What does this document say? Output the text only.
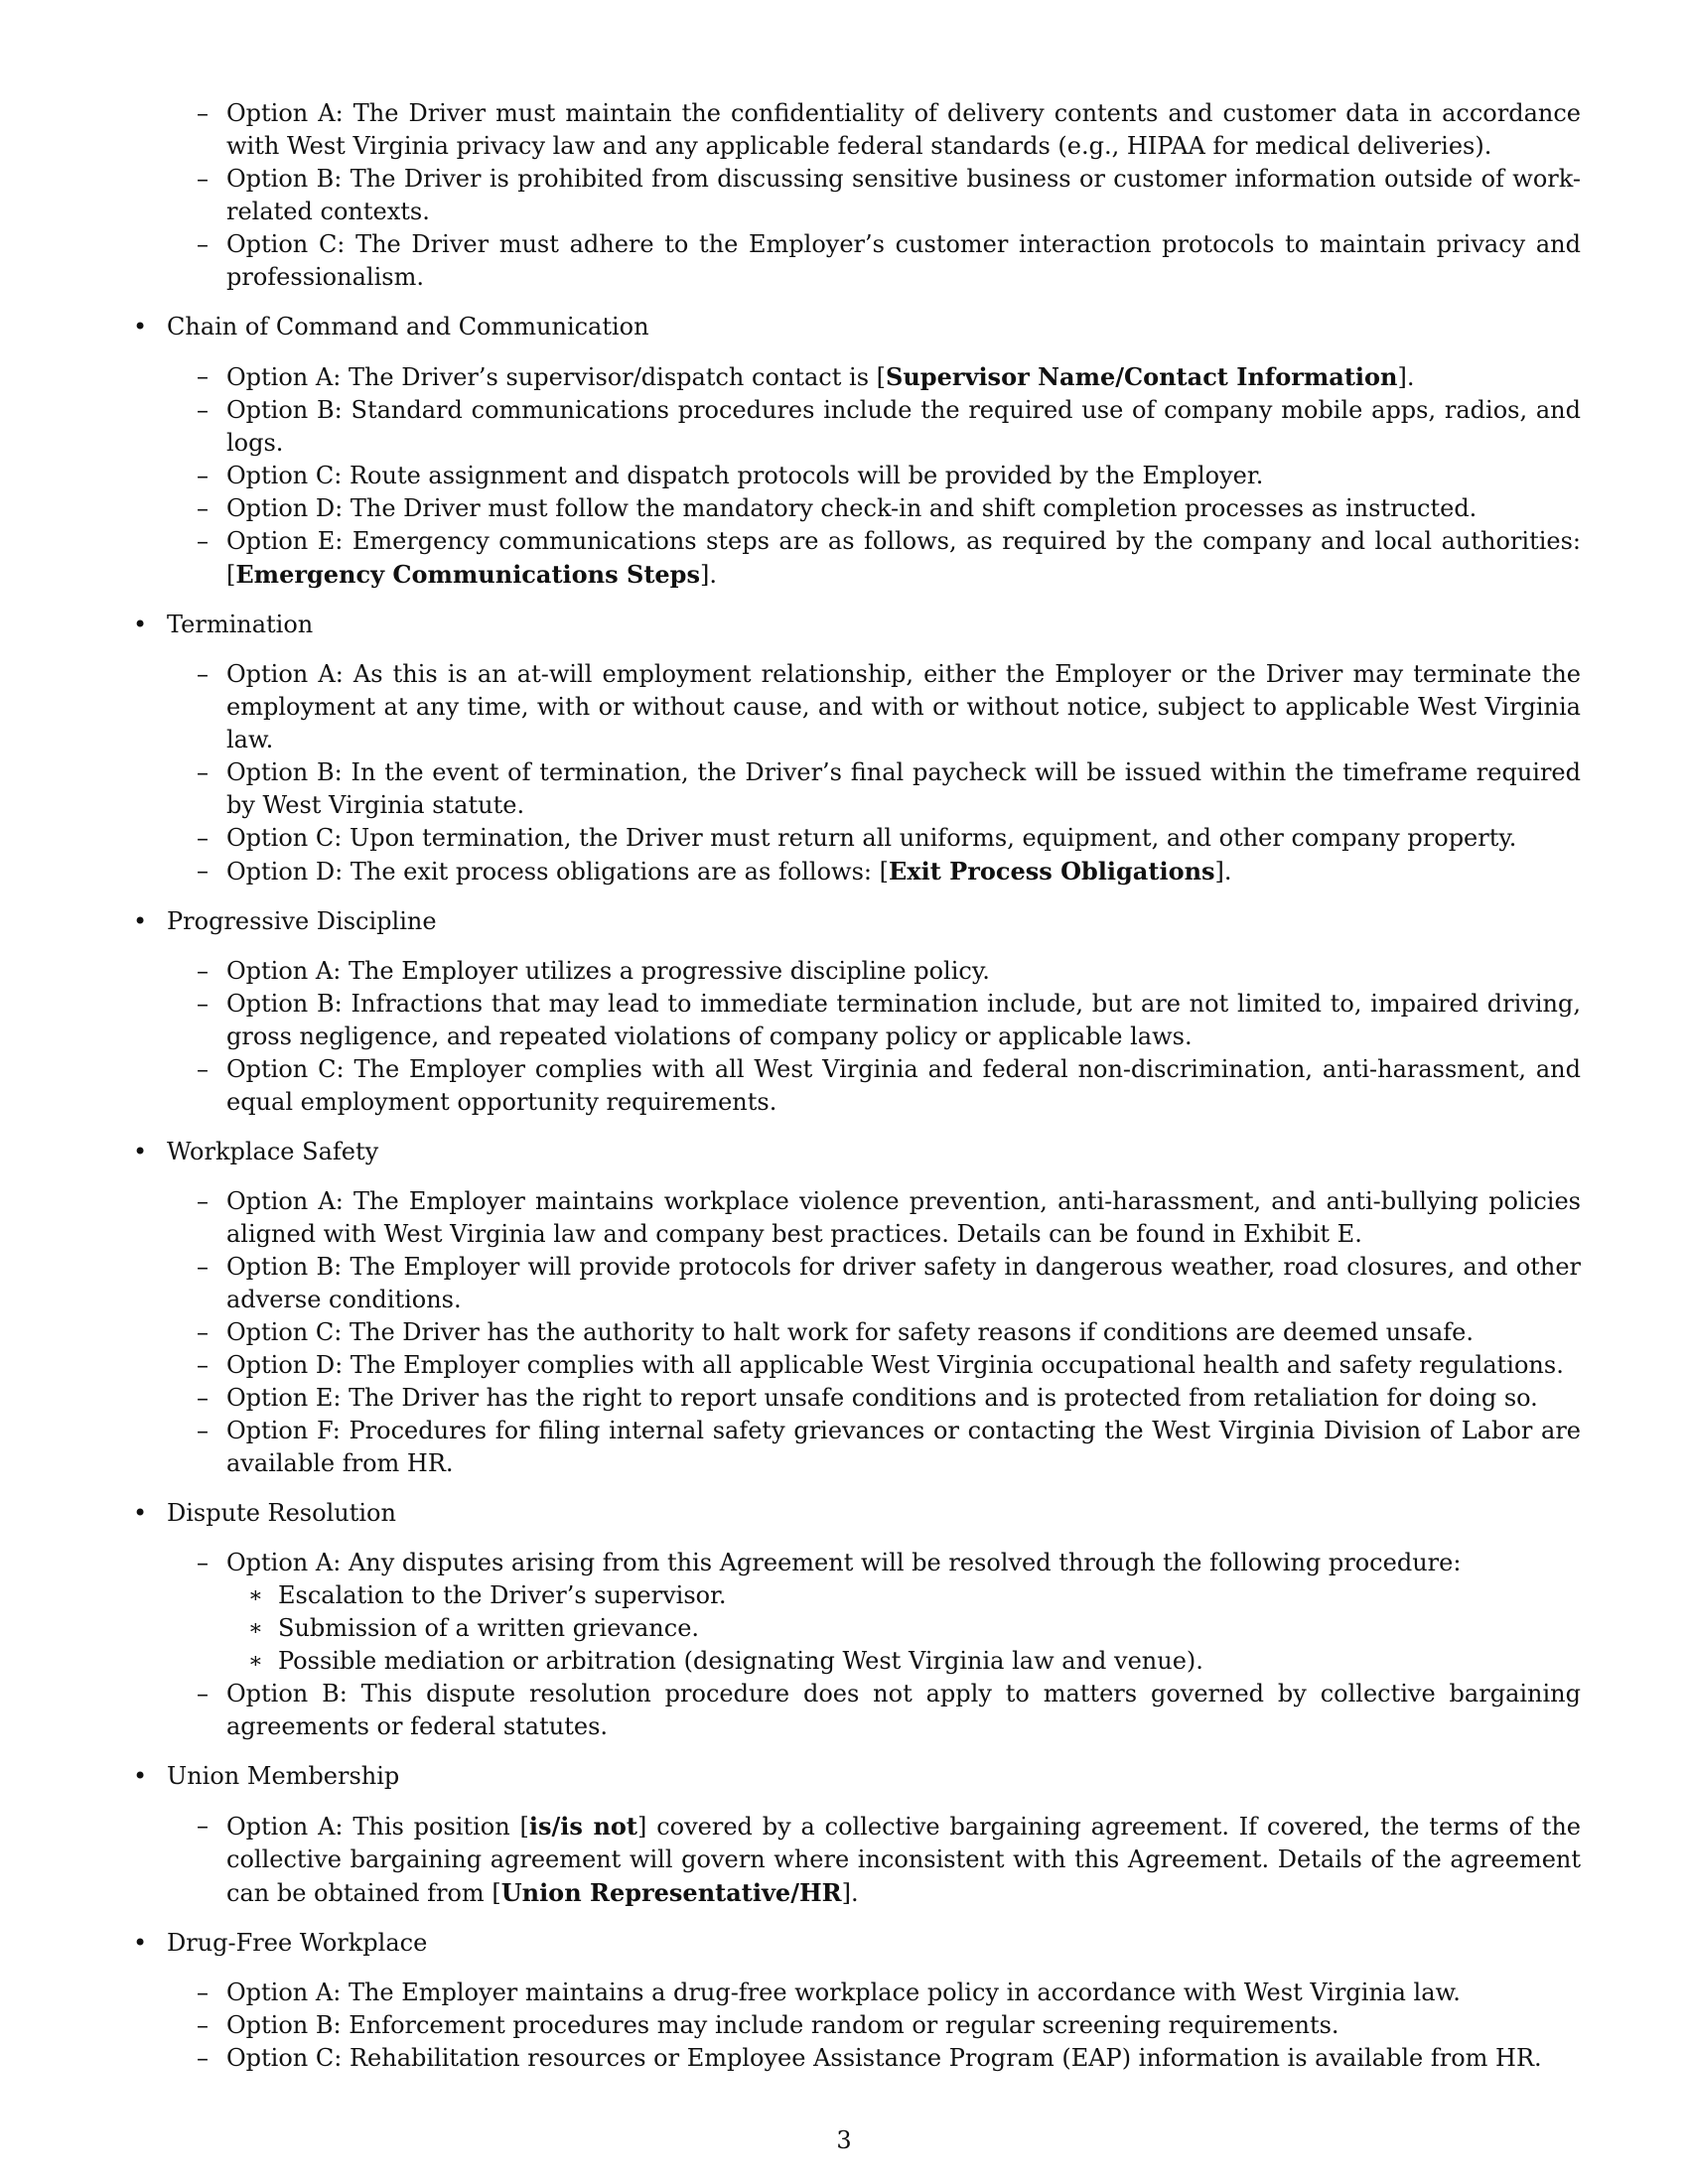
– Option A: The Driver must maintain the confidentiality of delivery contents and customer data in accordance with West Virginia privacy law and any applicable federal standards (e.g., HIPAA for medical deliveries).
– Option B: The Driver is prohibited from discussing sensitive business or customer information outside of work-related contexts.
– Option C: The Driver must adhere to the Employer’s customer interaction protocols to maintain privacy and professionalism.
• Chain of Command and Communication
– Option A: The Driver’s supervisor/dispatch contact is [Supervisor Name/Contact Information].
– Option B: Standard communications procedures include the required use of company mobile apps, radios, and logs.
– Option C: Route assignment and dispatch protocols will be provided by the Employer.
– Option D: The Driver must follow the mandatory check-in and shift completion processes as instructed.
– Option E: Emergency communications steps are as follows, as required by the company and local authorities: [Emergency Communications Steps].
• Termination
– Option A: As this is an at-will employment relationship, either the Employer or the Driver may terminate the employment at any time, with or without cause, and with or without notice, subject to applicable West Virginia law.
– Option B: In the event of termination, the Driver’s final paycheck will be issued within the timeframe required by West Virginia statute.
– Option C: Upon termination, the Driver must return all uniforms, equipment, and other company property.
– Option D: The exit process obligations are as follows: [Exit Process Obligations].
• Progressive Discipline
– Option A: The Employer utilizes a progressive discipline policy.
– Option B: Infractions that may lead to immediate termination include, but are not limited to, impaired driving, gross negligence, and repeated violations of company policy or applicable laws.
– Option C: The Employer complies with all West Virginia and federal non-discrimination, anti-harassment, and equal employment opportunity requirements.
• Workplace Safety
– Option A: The Employer maintains workplace violence prevention, anti-harassment, and anti-bullying policies aligned with West Virginia law and company best practices. Details can be found in Exhibit E.
– Option B: The Employer will provide protocols for driver safety in dangerous weather, road closures, and other adverse conditions.
– Option C: The Driver has the authority to halt work for safety reasons if conditions are deemed unsafe.
– Option D: The Employer complies with all applicable West Virginia occupational health and safety regulations.
– Option E: The Driver has the right to report unsafe conditions and is protected from retaliation for doing so.
– Option F: Procedures for filing internal safety grievances or contacting the West Virginia Division of Labor are available from HR.
• Dispute Resolution
– Option A: Any disputes arising from this Agreement will be resolved through the following procedure:
∗ Escalation to the Driver’s supervisor.
∗ Submission of a written grievance.
∗ Possible mediation or arbitration (designating West Virginia law and venue).
– Option B: This dispute resolution procedure does not apply to matters governed by collective bargaining agreements or federal statutes.
• Union Membership
– Option A: This position [is/is not] covered by a collective bargaining agreement. If covered, the terms of the collective bargaining agreement will govern where inconsistent with this Agreement. Details of the agreement can be obtained from [Union Representative/HR].
• Drug-Free Workplace
– Option A: The Employer maintains a drug-free workplace policy in accordance with West Virginia law.
– Option B: Enforcement procedures may include random or regular screening requirements.
– Option C: Rehabilitation resources or Employee Assistance Program (EAP) information is available from HR.
3
